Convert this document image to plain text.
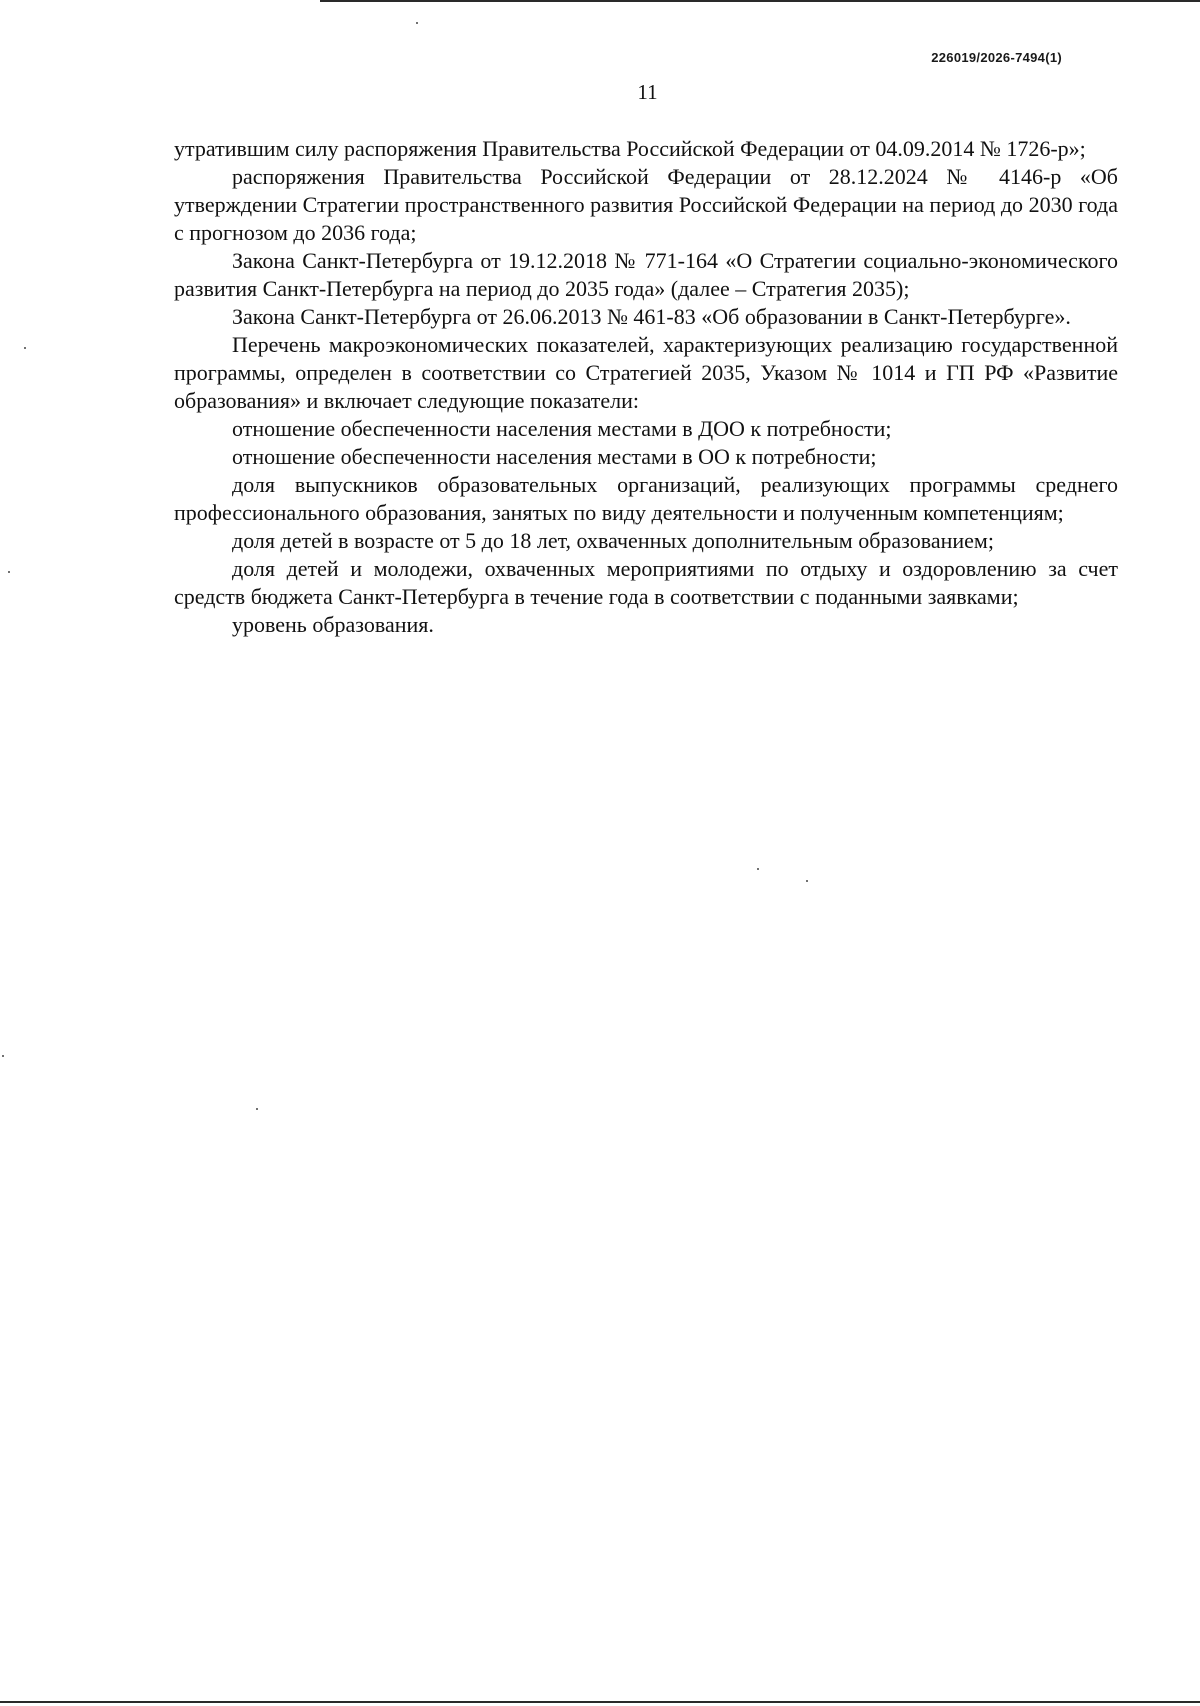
226019/2026-7494(1)
11

утратившим силу распоряжения Правительства Российской Федерации от 04.09.2014 № 1726-р»;

распоряжения Правительства Российской Федерации от 28.12.2024 № 4146-р «Об утверждении Стратегии пространственного развития Российской Федерации на период до 2030 года с прогнозом до 2036 года;

Закона Санкт-Петербурга от 19.12.2018 № 771-164 «О Стратегии социально-экономического развития Санкт-Петербурга на период до 2035 года» (далее – Стратегия 2035);

Закона Санкт-Петербурга от 26.06.2013 № 461-83 «Об образовании в Санкт-Петербурге».

Перечень макроэкономических показателей, характеризующих реализацию государственной программы, определен в соответствии со Стратегией 2035, Указом № 1014 и ГП РФ «Развитие образования» и включает следующие показатели:

отношение обеспеченности населения местами в ДОО к потребности;

отношение обеспеченности населения местами в ОО к потребности;

доля выпускников образовательных организаций, реализующих программы среднего профессионального образования, занятых по виду деятельности и полученным компетенциям;

доля детей в возрасте от 5 до 18 лет, охваченных дополнительным образованием;

доля детей и молодежи, охваченных мероприятиями по отдыху и оздоровлению за счет средств бюджета Санкт-Петербурга в течение года в соответствии с поданными заявками;

уровень образования.
